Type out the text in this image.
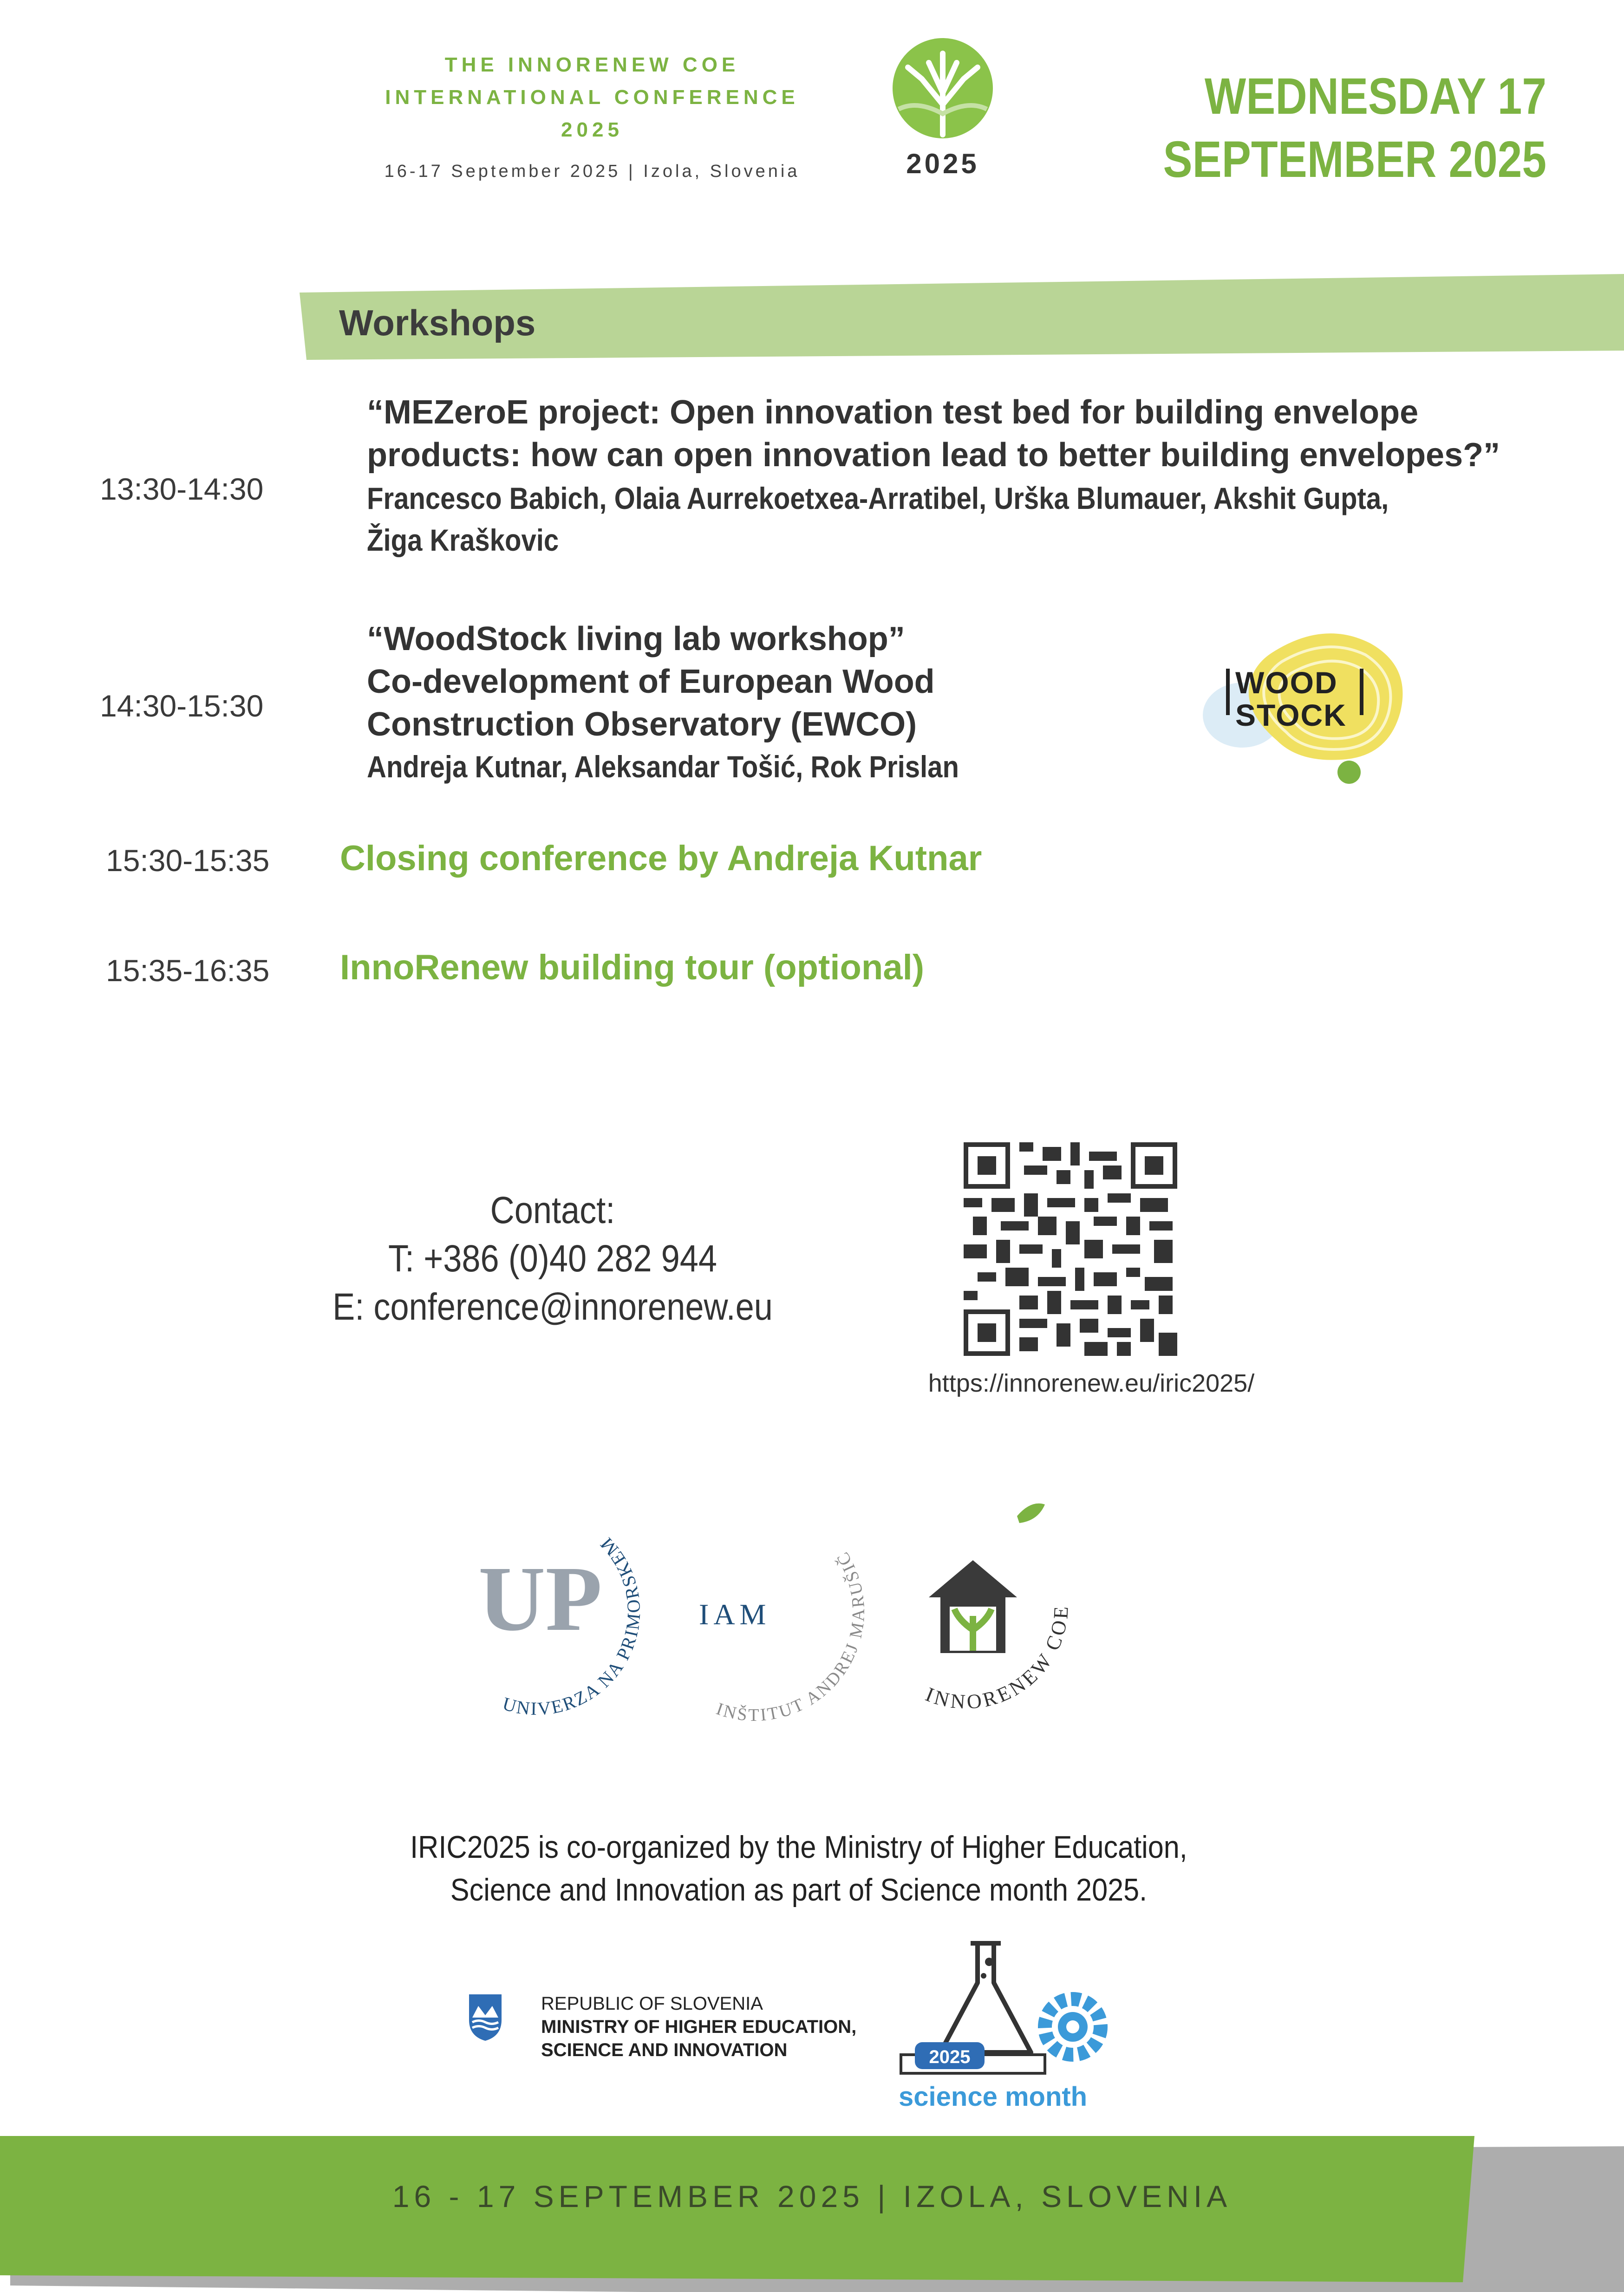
THE INNORENEW COE
INTERNATIONAL CONFERENCE
2025
16-17 September 2025 | Izola, Slovenia	2025
WEDNESDAY 17
SEPTEMBER 2025
Workshops
13:30-14:30
“MEZeroE project: Open innovation test bed for building envelope
products: how can open innovation lead to better building envelopes?”
Francesco Babich, Olaia Aurrekoetxea-Arratibel, Urška Blumauer, Akshit Gupta,
Žiga Kraškovic
14:30-15:30
“WoodStock living lab workshop”
Co-development of European Wood
Construction Observatory (EWCO)
Andreja Kutnar, Aleksandar Tošić, Rok Prislan
WOOD
STOCK
15:30-15:35	Closing conference by Andreja Kutnar
15:35-16:35	InnoRenew building tour (optional)
Contact:
T: +386 (0)40 282 944
E: conference@innorenew.eu
https://innorenew.eu/iric2025/
UNIVERZA NA PRIMORSKEM
UP
INŠTITUT ANDREJ MARUŠIČ
IAM
INNORENEW COE
IRIC2025 is co-organized by the Ministry of Higher Education,
Science and Innovation as part of Science month 2025.
REPUBLIC OF SLOVENIA
MINISTRY OF HIGHER EDUCATION,
SCIENCE AND INNOVATION	2025
science month
16 - 17 SEPTEMBER 2025 | IZOLA, SLOVENIA
